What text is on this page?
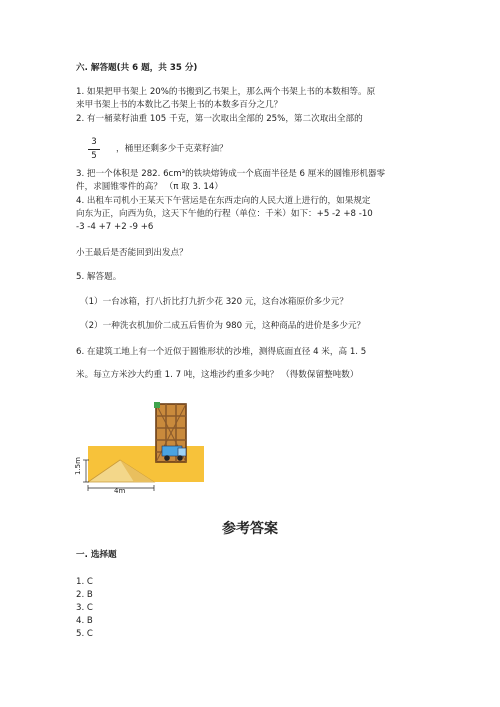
六. 解答题(共 6 题，共 35 分)
1. 如果把甲书架上 20%的书搬到乙书架上，那么两个书架上书的本数相等。原
来甲书架上书的本数比乙书架上书的本数多百分之几？
2. 有一桶菜籽油重 105 千克，第一次取出全部的 25%，第二次取出全部的
3
5
，桶里还剩多少千克菜籽油？
3. 把一个体积是 282. 6cm³的铁块熔铸成一个底面半径是 6 厘米的圆锥形机器零
件，求圆锥零件的高？ （π 取 3. 14）
4. 出租车司机小王某天下午营运是在东西走向的人民大道上进行的，如果规定
向东为正，向西为负，这天下午他的行程（单位：千米）如下：+5 -2 +8 -10
-3 -4 +7 +2 -9 +6
小王最后是否能回到出发点？
5. 解答题。
（1）一台冰箱，打八折比打九折少花 320 元，这台冰箱原价多少元？
（2）一种洗衣机加价二成五后售价为 980 元，这种商品的进价是多少元？
6. 在建筑工地上有一个近似于圆锥形状的沙堆，测得底面直径 4 米，高 1. 5
米。每立方米沙大约重 1. 7 吨，这堆沙约重多少吨？ （得数保留整吨数）
1.5m
4m
参考答案
一. 选择题
1. C
2. B
3. C
4. B
5. C
